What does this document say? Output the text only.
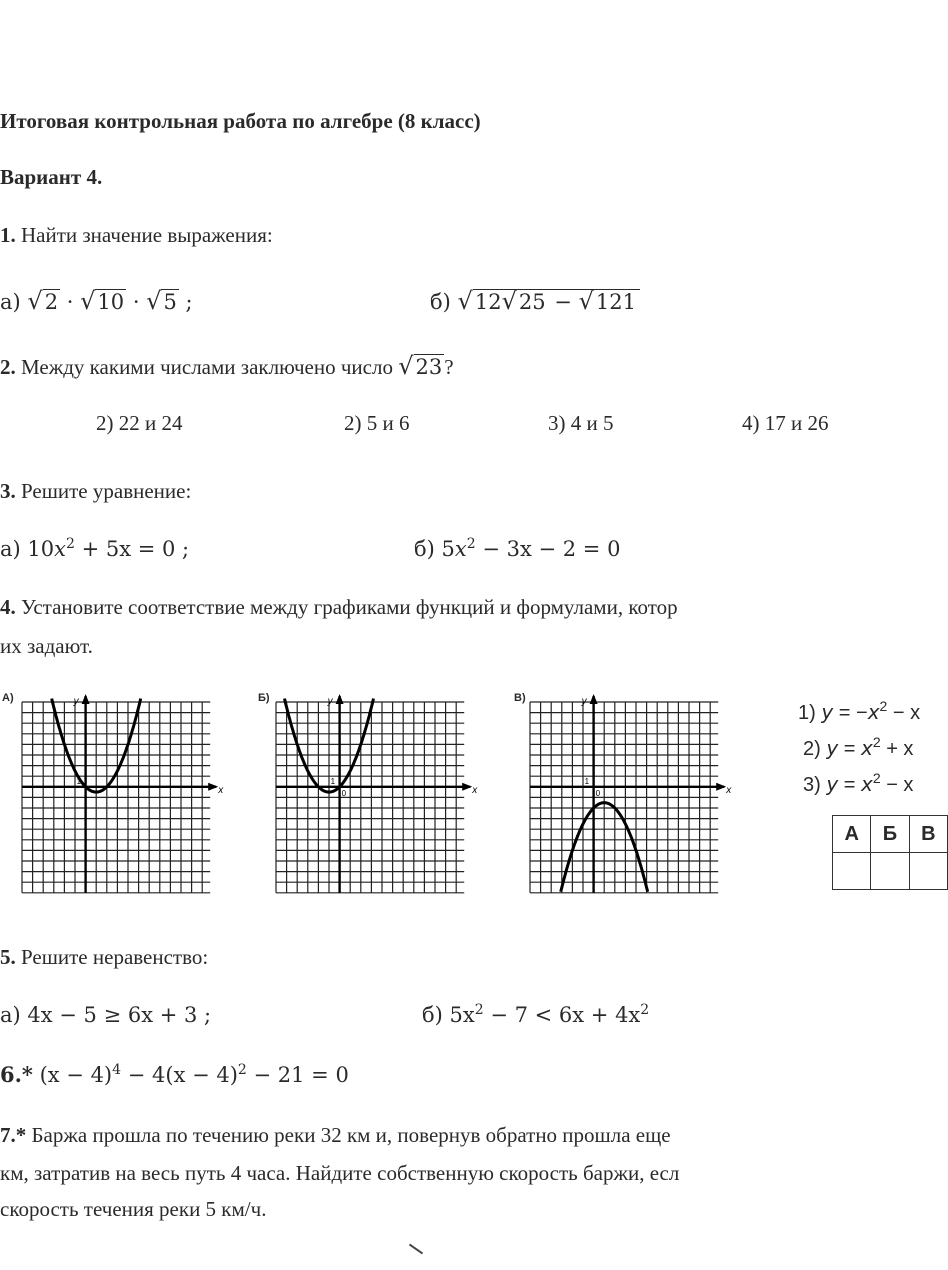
Итоговая контрольная работа по алгебре (8 класс)
Вариант 4.
1. Найти значение выражения:
а) √2 · √10 · √5 ;	б) √12√25 − √121
2. Между какими числами заключено число √23?
2) 22 и 24	2) 5 и 6	3) 4 и 5	4) 17 и 26
3. Решите уравнение:
а) $10x^2 + 5x = 0$ ;	б) $5x^2 - 3x - 2 = 0$
4. Установите соответствие между графиками функций и формулами, котор
их задают.
А)	Б)	В)
y
x
1
y
x
1
0
y
x
1
0
1) $y = -x^2 - x$
2) $y = x^2 + x$
3) $y = x^2 - x$
А	Б	В

5. Решите неравенство:
а) 4x − 5 ≥ 6x + 3 ;	б) $5x^2 - 7 < 6x + 4x^2$
6.* $(x - 4)^4 - 4(x - 4)^2 - 21 = 0$
7.* Баржа прошла по течению реки 32 км и, повернув обратно прошла еще
км, затратив на весь путь 4 часа. Найдите собственную скорость баржи, есл
скорость течения реки 5 км/ч.
